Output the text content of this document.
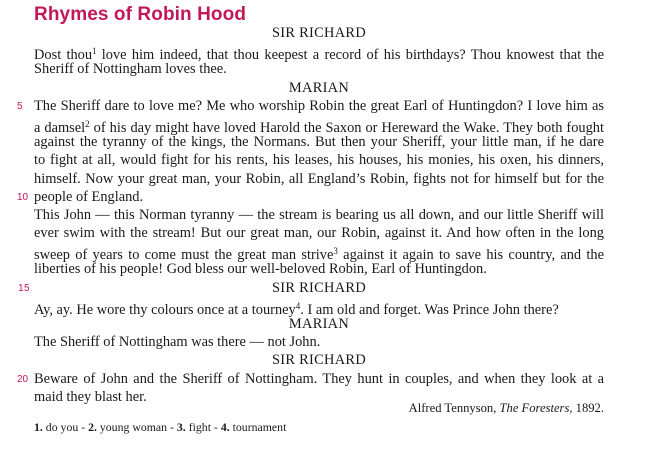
Rhymes of Robin Hood
SIR RICHARD
Dost thou$^1$ love him indeed, that thou keepest a record of his birthdays? Thou knowest that the
Sheriff of Nottingham loves thee.
MARIAN
5 The Sheriff dare to love me? Me who worship Robin the great Earl of Huntingdon? I love him as
a damsel$^2$ of his day might have loved Harold the Saxon or Hereward the Wake. They both fought
against the tyranny of the kings, the Normans. But then your Sheriff, your little man, if he dare
to fight at all, would fight for his rents, his leases, his houses, his monies, his oxen, his dinners,
himself. Now your great man, your Robin, all England’s Robin, fights not for himself but for the
10 people of England.
This John — this Norman tyranny — the stream is bearing us all down, and our little Sheriff will
ever swim with the stream! But our great man, our Robin, against it. And how often in the long
sweep of years to come must the great man strive$^3$ against it again to save his country, and the
liberties of his people! God bless our well-beloved Robin, Earl of Huntingdon.
15	SIR RICHARD
Ay, ay. He wore thy colours once at a tourney$^4$. I am old and forget. Was Prince John there?
MARIAN
The Sheriff of Nottingham was there — not John.
SIR RICHARD
20 Beware of John and the Sheriff of Nottingham. They hunt in couples, and when they look at a
maid they blast her.
Alfred Tennyson, The Foresters, 1892.
1. do you - 2. young woman - 3. fight - 4. tournament
